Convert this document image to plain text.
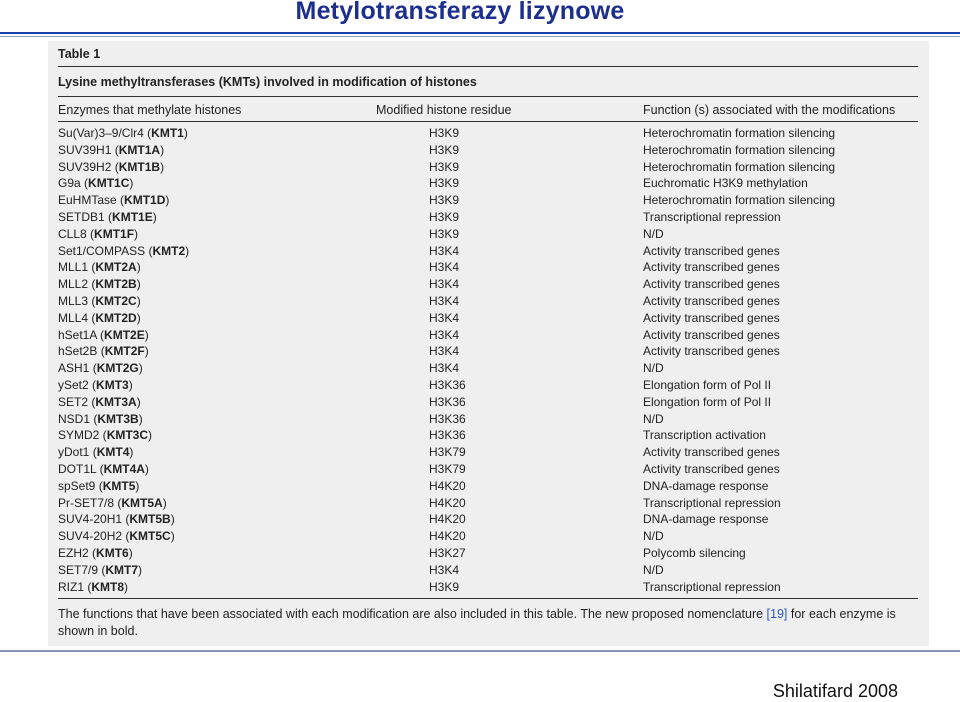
Metylotransferazy lizynowe
Table 1
Lysine methyltransferases (KMTs) involved in modification of histones
Enzymes that methylate histones	Modified histone residue	Function (s) associated with the modifications
Su(Var)3–9/Clr4 (KMT1)	H3K9	Heterochromatin formation silencing
SUV39H1 (KMT1A)	H3K9	Heterochromatin formation silencing
SUV39H2 (KMT1B)	H3K9	Heterochromatin formation silencing
G9a (KMT1C)	H3K9	Euchromatic H3K9 methylation
EuHMTase (KMT1D)	H3K9	Heterochromatin formation silencing
SETDB1 (KMT1E)	H3K9	Transcriptional repression
CLL8 (KMT1F)	H3K9	N/D
Set1/COMPASS (KMT2)	H3K4	Activity transcribed genes
MLL1 (KMT2A)	H3K4	Activity transcribed genes
MLL2 (KMT2B)	H3K4	Activity transcribed genes
MLL3 (KMT2C)	H3K4	Activity transcribed genes
MLL4 (KMT2D)	H3K4	Activity transcribed genes
hSet1A (KMT2E)	H3K4	Activity transcribed genes
hSet2B (KMT2F)	H3K4	Activity transcribed genes
ASH1 (KMT2G)	H3K4	N/D
ySet2 (KMT3)	H3K36	Elongation form of Pol II
SET2 (KMT3A)	H3K36	Elongation form of Pol II
NSD1 (KMT3B)	H3K36	N/D
SYMD2 (KMT3C)	H3K36	Transcription activation
yDot1 (KMT4)	H3K79	Activity transcribed genes
DOT1L (KMT4A)	H3K79	Activity transcribed genes
spSet9 (KMT5)	H4K20	DNA-damage response
Pr-SET7/8 (KMT5A)	H4K20	Transcriptional repression
SUV4-20H1 (KMT5B)	H4K20	DNA-damage response
SUV4-20H2 (KMT5C)	H4K20	N/D
EZH2 (KMT6)	H3K27	Polycomb silencing
SET7/9 (KMT7)	H3K4	N/D
RIZ1 (KMT8)	H3K9	Transcriptional repression
The functions that have been associated with each modification are also included in this table. The new proposed nomenclature [19] for each enzyme is shown in bold.
Shilatifard 2008
